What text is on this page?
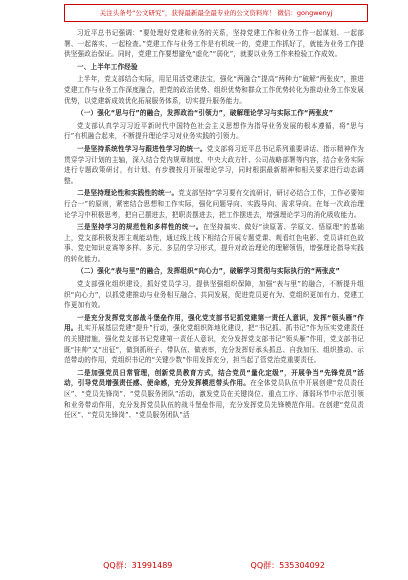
关注头条号“公文研究”，获得最新最全最专业的公文资料库！ 微信：gongwenyj

习近平总书记强调：“要处理好党建和业务的关系，坚持党建工作和业务工作一起谋划、一起部署、一起落实、一起检查。”党建工作与业务工作是有机统一的，党建工作抓好了，就能为业务工作提供坚强政治保证。同时，党建工作要想避免“虚化”“弱化”，就要以业务工作来检验工作成效。

一、上半年工作经验

上半年，党支部结合实际，用足用活党建法宝，强化“两融合”提高“两种力”破解“两张皮”，推进党建工作与业务工作深度融合，把党的政治优势、组织优势和群众工作优势转化为推动业务工作发展优势，以党建新成效优化拓展服务体系，切实提升服务能力。

（一）强化“思与行”的融合，发挥政治“引领力”，破解理论学习与实际工作“两张皮”

党支部认真学习习近平新时代中国特色社会主义思想作为指导业务发展的根本遵循，将“思与行”有机融合起来，不断提升理论学习对业务实践的引领力。

一是坚持系统性学习与跟进性学习的统一。党支部将习近平总书记系列重要讲话、指示精神作为贯穿学习计划的主轴，深入结合党内规章制度、中央大政方针、公司战略部署等内容，结合业务实际进行专题政策研讨，有计划、有步骤按月开展理论学习，同时根据最新精神和相关要求进行动态调整。

二是坚持理论性和实践性的统一。党支部坚持“学习要有交流研讨，研讨必结合工作，工作必要知行合一”的原则，紧密结合思想和工作实际，强化问题导向、实践导向、需求导向。在每一次政治理论学习中积极思考，把自己摆进去，把职责摆进去，把工作摆进去，增强理论学习的消化吸收能力。

三是坚持学习的规范性和多样性的统一。在坚持搞实、做好“读原著、学原文、悟原理”的基础上，党支部积极发挥主观能动性，通过线上线下相结合开展专题党课、观看红色电影、党员讲红色故事、党史知识竞赛等多样、多元、多层的学习形式，提升对政治理论的理解领悟，增强理论指导实践的转化能力。

（二）强化“表与里”的融合，发挥组织“向心力”，破解学习贯彻与实际执行的“两张皮”

党支部强化组织建设，抓好党员学习，提供坚强组织保障，加强“表与里”的融合，不断提升组织“向心力”，以抓党建推动与业务相互融合、共同发展，促进党员更有为、党组织更加有力、党建工作更加有效。

一是充分发挥党支部战斗堡垒作用，强化党支部书记抓党建第一责任人意识，发挥“领头雁”作用。扎实开展基层党建“提升”行动，强化党组织阵地化建设，把“书记抓、抓书记”作为压实党建责任的关键措施，强化党支部书记党建第一责任人意识，充分发挥党支部书记“领头雁”作用，党支部书记既“挂帅”又“出征”，做到抓班子、带队伍、做表率，充分发挥好承头抓总、自我加压、组织推动、示范带动的作用，党组织书记的“关键少数”作用发挥充分，担当起了管党治党重要责任。

二是加强党员日常管理，创新党员教育方式，结合党员“量化定级”，开展争当“先锋党员”活动，引导党员增强责任感、使命感，充分发挥模范带头作用。在全体党员队伍中开展创建“党员责任区”、“党员先锋岗”、“党员服务团队”活动，激发党员在关键岗位、重点工序、薄弱环节中示范引领和业务带动作用，充分发挥党员队伍的战斗堡垒作用，充分发挥党员先锋模范作用。在创建“党员责任区”、“党员先锋岗”、“党员服务团队”活

QQ群：31991489	QQ群：535304092
